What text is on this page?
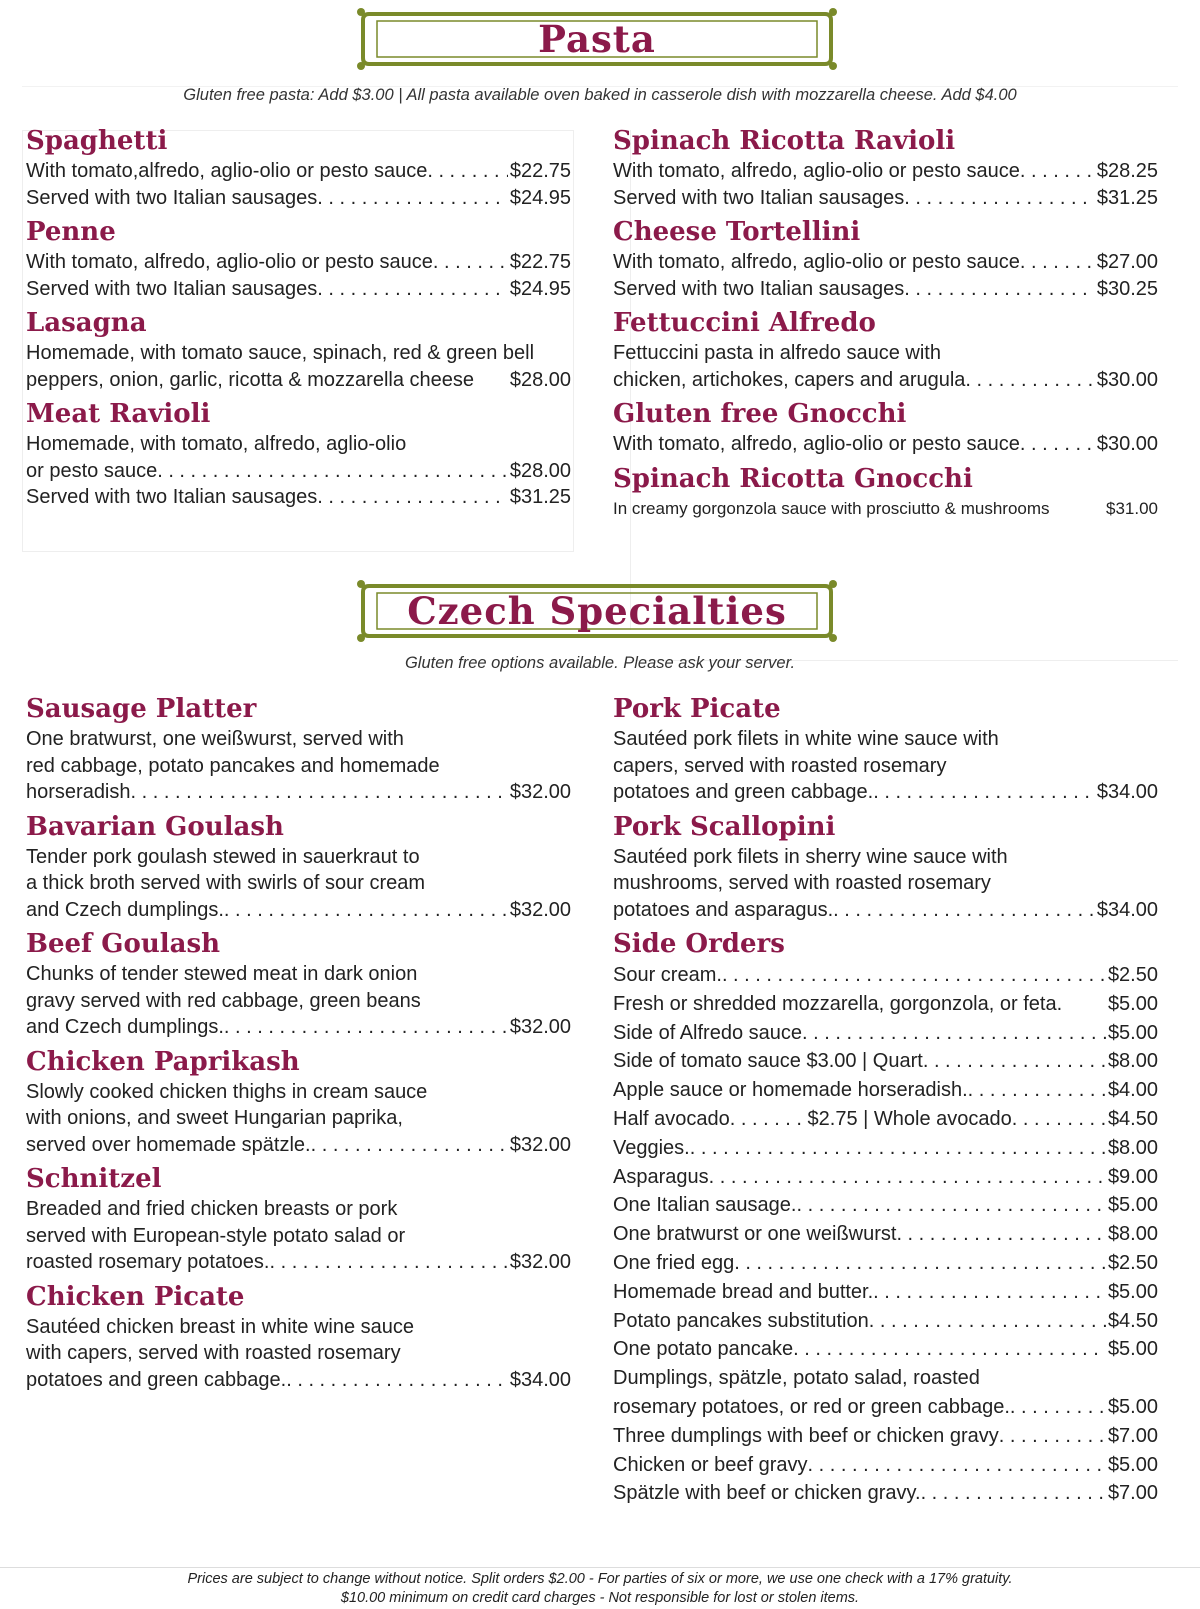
Pasta
Gluten free pasta: Add $3.00 | All pasta available oven baked in casserole dish with mozzarella cheese. Add $4.00
Spaghetti
With tomato,alfredo, aglio-olio or pesto sauce . . .	$22.75
Served with two Italian sausages . . .	$24.95
Penne
With tomato, alfredo, aglio-olio or pesto sauce . . .	$22.75
Served with two Italian sausages . . .	$24.95
Lasagna
Homemade, with tomato sauce, spinach, red & green bell
peppers, onion, garlic, ricotta & mozzarella cheese $28.00
Meat Ravioli
Homemade, with tomato, alfredo, aglio-olio
or pesto sauce . . .	$28.00
Served with two Italian sausages . . .	$31.25
Spinach Ricotta Ravioli
With tomato, alfredo, aglio-olio or pesto sauce . . .	$28.25
Served with two Italian sausages . . .	$31.25
Cheese Tortellini
With tomato, alfredo, aglio-olio or pesto sauce . . .	$27.00
Served with two Italian sausages . . .	$30.25
Fettuccini Alfredo
Fettuccini pasta in alfredo sauce with
chicken, artichokes, capers and arugula . . .	$30.00
Gluten free Gnocchi
With tomato, alfredo, aglio-olio or pesto sauce . . .	$30.00
Spinach Ricotta Gnocchi
In creamy gorgonzola sauce with prosciutto & mushrooms	$31.00
Czech Specialties
Gluten free options available. Please ask your server.
Sausage Platter
One bratwurst, one weißwurst, served with
red cabbage, potato pancakes and homemade
horseradish . . .	$32.00
Bavarian Goulash
Tender pork goulash stewed in sauerkraut to
a thick broth served with swirls of sour cream
and Czech dumplings. . . .	$32.00
Beef Goulash
Chunks of tender stewed meat in dark onion
gravy served with red cabbage, green beans
and Czech dumplings. . . .	$32.00
Chicken Paprikash
Slowly cooked chicken thighs in cream sauce
with onions, and sweet Hungarian paprika,
served over homemade spätzle. . . .	$32.00
Schnitzel
Breaded and fried chicken breasts or pork
served with European-style potato salad or
roasted rosemary potatoes. . . .	$32.00
Chicken Picate
Sautéed chicken breast in white wine sauce
with capers, served with roasted rosemary
potatoes and green cabbage. . . .	$34.00
Pork Picate
Sautéed pork filets in white wine sauce with
capers, served with roasted rosemary
potatoes and green cabbage. . . .	$34.00
Pork Scallopini
Sautéed pork filets in sherry wine sauce with
mushrooms, served with roasted rosemary
potatoes and asparagus. . . .	$34.00
Side Orders
Sour cream. . . .	$2.50
Fresh or shredded mozzarella, gorgonzola, or feta. $5.00
Side of Alfredo sauce . . .	$5.00
Side of tomato sauce $3.00 | Quart . . .	$8.00
Apple sauce or homemade horseradish. . . .	$4.00
Half avocado. . . . . . . $2.75 | Whole avocado . . .	$4.50
Veggies. . . .	$8.00
Asparagus . . .	$9.00
One Italian sausage. . . .	$5.00
One bratwurst or one weißwurst . . .	$8.00
One fried egg . . .	$2.50
Homemade bread and butter. . . .	$5.00
Potato pancakes substitution . . .	$4.50
One potato pancake . . .	$5.00
Dumplings, spätzle, potato salad, roasted
rosemary potatoes, or red or green cabbage. . . .	$5.00
Three dumplings with beef or chicken gravy . . .	$7.00
Chicken or beef gravy . . .	$5.00
Spätzle with beef or chicken gravy. . . .	$7.00
Prices are subject to change without notice. Split orders $2.00 - For parties of six or more, we use one check with a 17% gratuity.
$10.00 minimum on credit card charges - Not responsible for lost or stolen items.
